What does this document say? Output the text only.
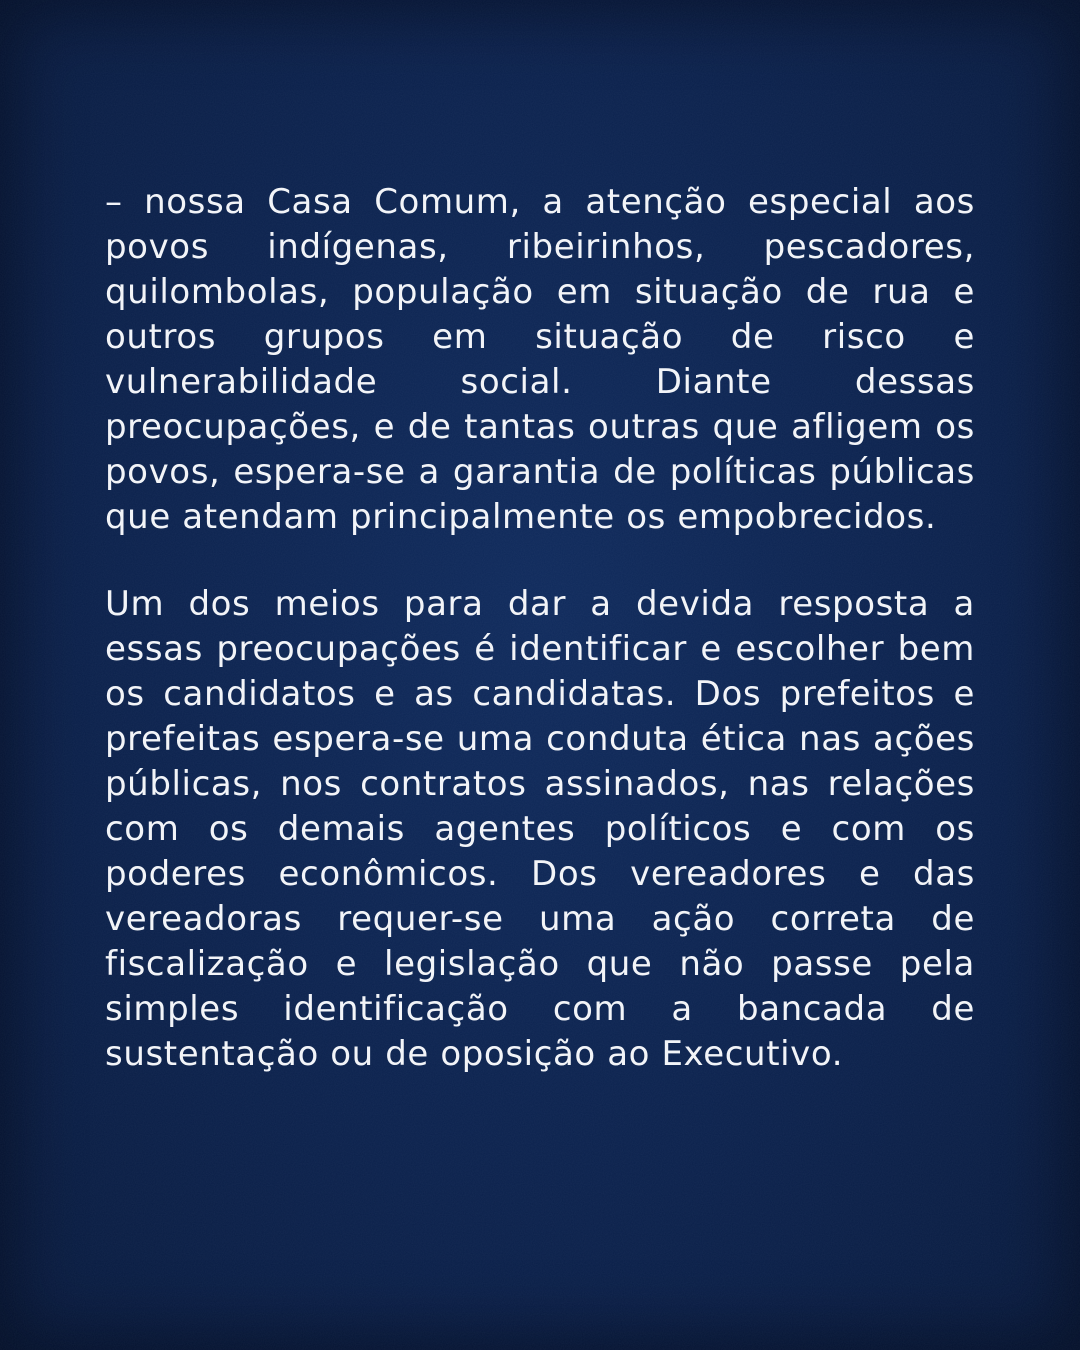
– nossa Casa Comum, a atenção especial aos povos indígenas, ribeirinhos, pescadores, quilombolas, população em situação de rua e outros grupos em situação de risco e vulnerabilidade social. Diante dessas preocupações, e de tantas outras que afligem os povos, espera-se a garantia de políticas públicas que atendam principalmente os empobrecidos.

Um dos meios para dar a devida resposta a essas preocupações é identificar e escolher bem os candidatos e as candidatas. Dos prefeitos e prefeitas espera-se uma conduta ética nas ações públicas, nos contratos assinados, nas relações com os demais agentes políticos e com os poderes econômicos. Dos vereadores e das vereadoras requer-se uma ação correta de fiscalização e legislação que não passe pela simples identificação com a bancada de sustentação ou de oposição ao Executivo.
